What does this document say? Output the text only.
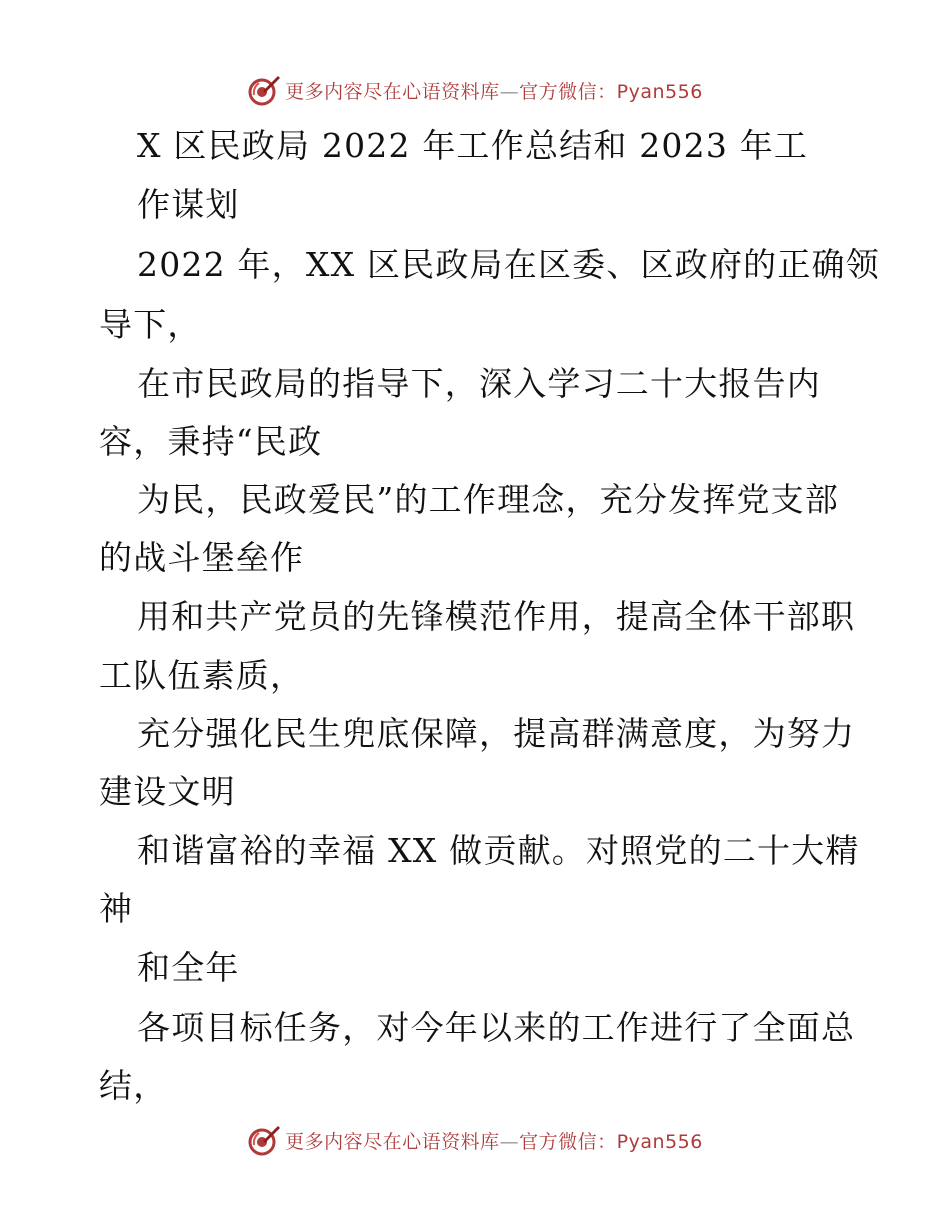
更多内容尽在心语资料库—官方微信：Pyan556
X 区民政局 2022 年工作总结和 2023 年工
作谋划
2022 年，XX 区民政局在区委、区政府的正确领
导下，
在市民政局的指导下，深入学习二十大报告内
容，秉持“民政
为民，民政爱民”的工作理念，充分发挥党支部
的战斗堡垒作
用和共产党员的先锋模范作用，提高全体干部职
工队伍素质，
充分强化民生兜底保障，提高群满意度，为努力
建设文明
和谐富裕的幸福 XX 做贡献。对照党的二十大精
神
和全年
各项目标任务，对今年以来的工作进行了全面总
结，
更多内容尽在心语资料库—官方微信：Pyan556
